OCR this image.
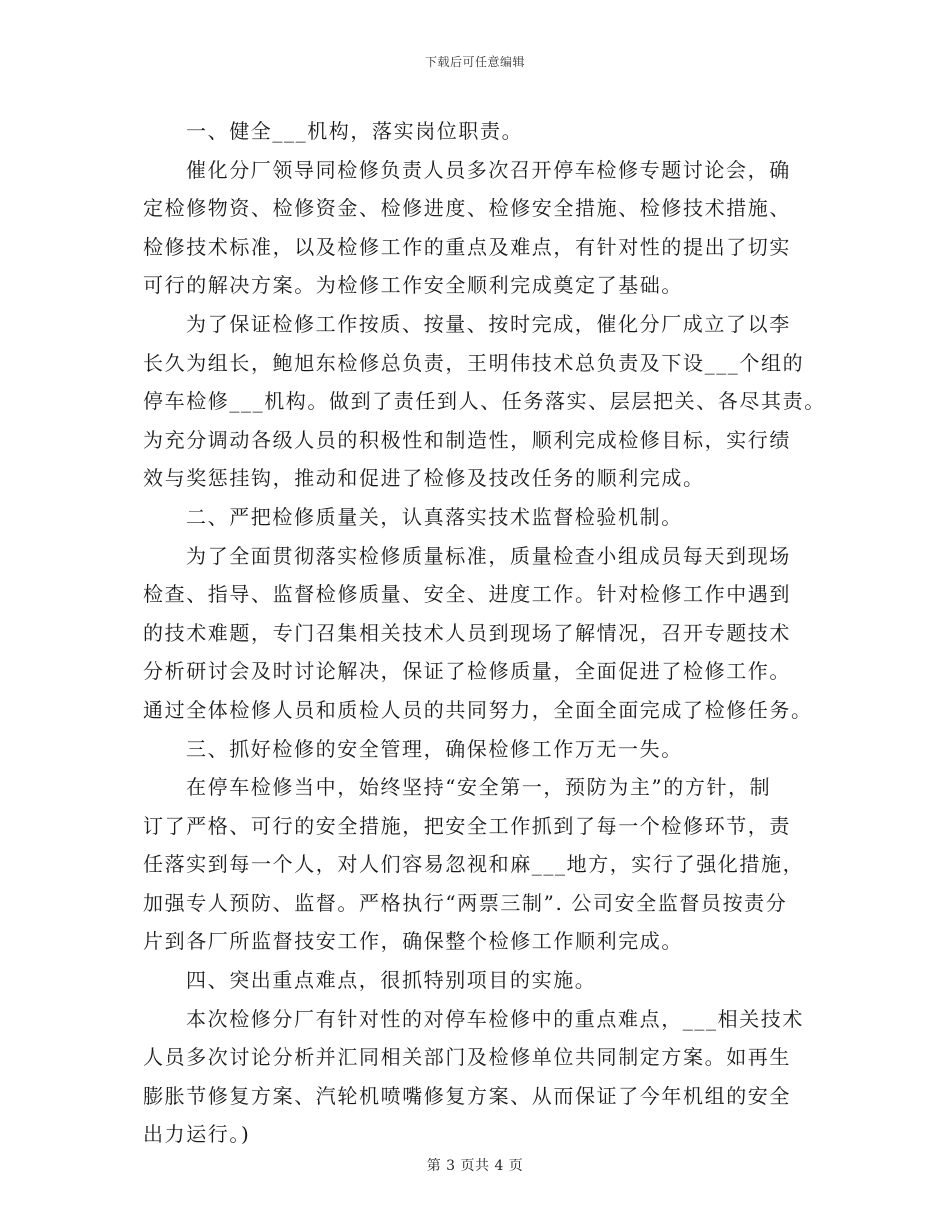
下载后可任意编辑
一、健全___机构，落实岗位职责。
催化分厂领导同检修负责人员多次召开停车检修专题讨论会，确
定检修物资、检修资金、检修进度、检修安全措施、检修技术措施、
检修技术标准，以及检修工作的重点及难点，有针对性的提出了切实
可行的解决方案。为检修工作安全顺利完成奠定了基础。
为了保证检修工作按质、按量、按时完成，催化分厂成立了以李
长久为组长，鲍旭东检修总负责，王明伟技术总负责及下设___个组的
停车检修___机构。做到了责任到人、任务落实、层层把关、各尽其责。
为充分调动各级人员的积极性和制造性，顺利完成检修目标，实行绩
效与奖惩挂钩，推动和促进了检修及技改任务的顺利完成。
二、严把检修质量关，认真落实技术监督检验机制。
为了全面贯彻落实检修质量标准，质量检查小组成员每天到现场
检查、指导、监督检修质量、安全、进度工作。针对检修工作中遇到
的技术难题，专门召集相关技术人员到现场了解情况，召开专题技术
分析研讨会及时讨论解决，保证了检修质量，全面促进了检修工作。
通过全体检修人员和质检人员的共同努力，全面全面完成了检修任务。
三、抓好检修的安全管理，确保检修工作万无一失。
在停车检修当中，始终坚持“安全第一，预防为主”的方针，制
订了严格、可行的安全措施，把安全工作抓到了每一个检修环节，责
任落实到每一个人，对人们容易忽视和麻___地方，实行了强化措施，
加强专人预防、监督。严格执行“两票三制”. 公司安全监督员按责分
片到各厂所监督技安工作，确保整个检修工作顺利完成。
四、突出重点难点，很抓特别项目的实施。
本次检修分厂有针对性的对停车检修中的重点难点，___相关技术
人员多次讨论分析并汇同相关部门及检修单位共同制定方案。如再生
膨胀节修复方案、汽轮机喷嘴修复方案、从而保证了今年机组的安全
出力运行。)
第 3 页共 4 页
